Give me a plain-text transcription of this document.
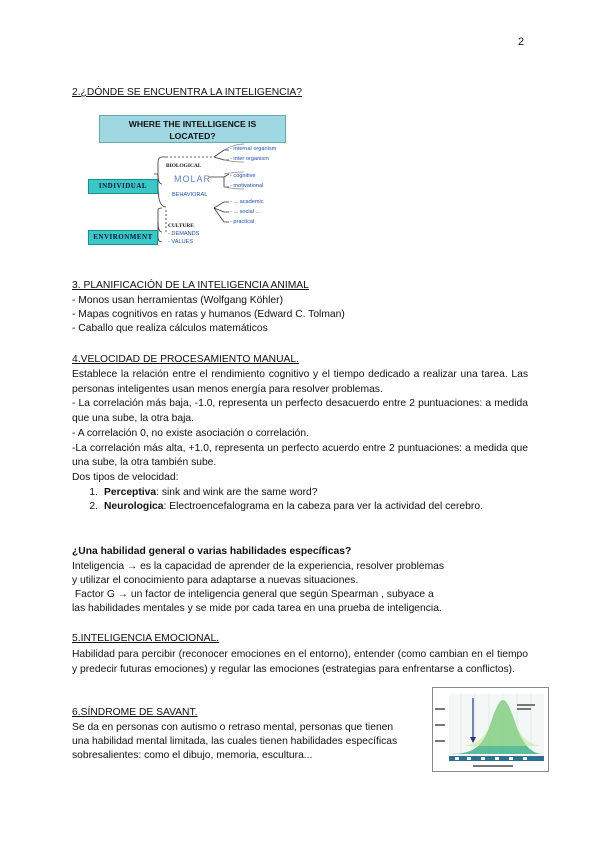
2
2.¿DÓNDE SE ENCUENTRA LA INTELIGENCIA?
WHERE THE INTELLIGENCE IS
LOCATED?
INDIVIDUAL
ENVIRONMENT
BIOLOGICAL
MOLAR
BEHAVIORAL
CULTURE
- DEMANDS
- VALUES
- internal organism
- inter organism
- cognitive
- motivational
- ... academic
- ... social ...
- practical
3. PLANIFICACIÓN DE LA INTELIGENCIA ANIMAL
- Monos usan herramientas (Wolfgang Köhler)
- Mapas cognitivos en ratas y humanos (Edward C. Tolman)
- Caballo que realiza cálculos matemáticos
4.VELOCIDAD DE PROCESAMIENTO MANUAL.
Establece la relación entre el rendimiento cognitivo y el tiempo dedicado a realizar una tarea. Las personas inteligentes usan menos energía para resolver problemas.
- La correlación más baja, -1.0, representa un perfecto desacuerdo entre 2 puntuaciones: a medida que una sube, la otra baja.
- A correlación 0, no existe asociación o correlación.
-La correlación más alta, +1.0, representa un perfecto acuerdo entre 2 puntuaciones: a medida que una sube, la otra también sube.
Dos tipos de velocidad:
1. Perceptiva: sink and wink are the same word?
2. Neurologica: Electroencefalograma en la cabeza para ver la actividad del cerebro.
¿Una habilidad general o varias habilidades específicas?
Inteligencia → es la capacidad de aprender de la experiencia, resolver problemas
y utilizar el conocimiento para adaptarse a nuevas situaciones.
Factor G → un factor de inteligencia general que según Spearman , subyace a
las habilidades mentales y se mide por cada tarea en una prueba de inteligencia.
5.INTELIGENCIA EMOCIONAL.
Habilidad para percibir (reconocer emociones en el entorno), entender (como cambian en el tiempo y predecir futuras emociones) y regular las emociones (estrategias para enfrentarse a conflictos).
6.SÍNDROME DE SAVANT.
Se da en personas con autismo o retraso mental, personas que tienen
una habilidad mental limitada, las cuales tienen habilidades específicas
sobresalientes: como el dibujo, memoria, escultura...
